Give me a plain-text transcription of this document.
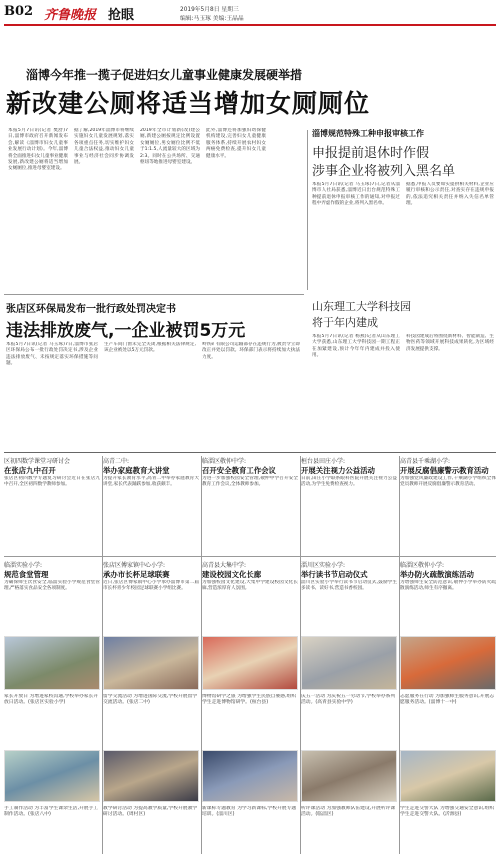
B02 齐鲁晚报 抢眼	2019年5月8日 星期三
编辑:马玉琢 美编:王晶晶
淄博今年推一揽子促进妇女儿童事业健康发展硬举措
新改建公厕将适当增加女厕厕位
本报5月7日讯(记者 樊舒)7日,淄博市政府召开新闻发布会,解读《淄博市妇女儿童事业发展行动计划》。今年,淄博将全面推进妇女儿童事业健康发展,新改建公厕将适当增加女厕厕位,推进母婴室建设。
据了解,2019年淄博市将继续实施妇女儿童发展规划,落实各项重点任务,切实维护妇女儿童合法权益,推动妇女儿童事业与经济社会同步协调发展。
2019年全市计划新(改)建公厕,新建公厕按规定比例设置女厕厕位,男女厕位比例不低于1:1.5,人流量较大的区域为2:3。同时在公共场所、交通枢纽等地推进母婴室建设。
此外,淄博还将加强妇幼保健机构建设,完善妇女儿童健康服务体系,持续开展农村妇女两癌免费检查,提升妇女儿童健康水平。
淄博规范特殊工种申报审核工作
申报提前退休时作假
涉事企业将被列入黑名单
本报5月7日讯(记者 马玉琢)7日,记者从淄博市人社局获悉,淄博近日出台规范特殊工种提前退休申报审核工作的通知,对申报过程中弄虚作假的企业,将列入黑名单。
据悉,申报人员要如实提供相关材料,企业应履行审核和公示责任,对查实存在违规申报的,依法追究相关责任并纳入失信名单管理。
张店区环保局发布一批行政处罚决定书
违法排放废气,一企业被罚5万元
本报5月7日讯(记者 马玉琢)7日,淄博市张店区环保局公布一批行政处罚决定书,涉及企业违法排放废气、未按规定落实环保措施等问题。
生产车间门窗未完全关闭,根据相关法律规定,该企业被处以5万元罚款。
岭铁矿有限公司运输部存在违规行为,被责令立即改正并处以罚款。环保部门表示将持续加大执法力度。
山东理工大学科技园
将于年内建成
本报5月7日讯(记者 杨燕)记者从山东理工大学获悉,山东理工大学科技园一期工程正在加紧建设,预计今年年内建成并投入使用。
科技园建成后将围绕新材料、智能制造、生物医药等领域开展科技成果转化,为区域经济发展提供支撑。
区初四数学课堂习研讨会
在张店九中召开
张店区初四数学专题复习研讨会近日在张店九中召开,全区初四数学教师参加。
高青二中:
举办家庭教育大讲堂
为提升家长教育水平,高青二中举办家庭教育大讲堂,家长代表踊跃参加,收获颇丰。
临淄区敬仲中学:
召开安全教育工作会议
为进一步加强校园安全管理,敬仲中学召开安全教育工作会议,全体教师参加。
桓台县田庄小学:
开展关注视力公益活动
日前,田庄小学联系眼科医院开展关注视力公益活动,为学生免费检查视力。
高青县千乘湖小学:
开展反腐倡廉警示教育活动
为加强党风廉政建设工作,千乘湖小学组织全体党员教师开展反腐倡廉警示教育活动。
临淄实验小学:
规范食堂管理
为确保师生饮食安全,临淄实验小学规范食堂管理,严格落实食品安全各项制度。
张店区傅家镇中心小学:
承办市长杯足球联赛
近日,张店区傅家镇中心小学承办淄博市第二届市长杯青少年校园足球联赛小学组比赛。
高青县大集中学:
建设校园文化长廊
为加强校园文化建设,大集中学建设校园文化长廊,营造浓厚育人氛围。
淄川区实验小学:
举行读书节启动仪式
淄川区实验小学举行读书节启动仪式,鼓励学生多读书、读好书,营造书香校园。
临淄区敬仲小学:
举办防火疏散演练活动
为增强师生安全防范意识,敬仲小学举办防火疏散演练活动,师生有序撤离。
家长开放日 为增进家校沟通,学校举办家长开放日活动。(张店区实验小学)
留学交流活动 为增进国际交流,学校开展留学交流活动。(张店二中)
博物馆研学之旅 为增强学生民族自豪感,组织学生走进博物馆研学。(桓台县)
庆五一活动 为庆祝五一劳动节,学校举办系列活动。(高青县实验中学)
志愿服务在行动 为加强师生服务意识,开展志愿服务活动。(淄博十一中)
手工制作活动 为丰富学生课余生活,开展手工制作活动。(张店八中)
教学研讨活动 为提高教学质量,学校开展教学研讨活动。(周村区)
新课标专题教育 为学习新课标,学校开展专题培训。(淄川区)
听评课活动 为加强教师队伍建设,开展听评课活动。(临淄区)
学生走进交警大队 为增强交通安全意识,组织学生走进交警大队。(沂源县)
